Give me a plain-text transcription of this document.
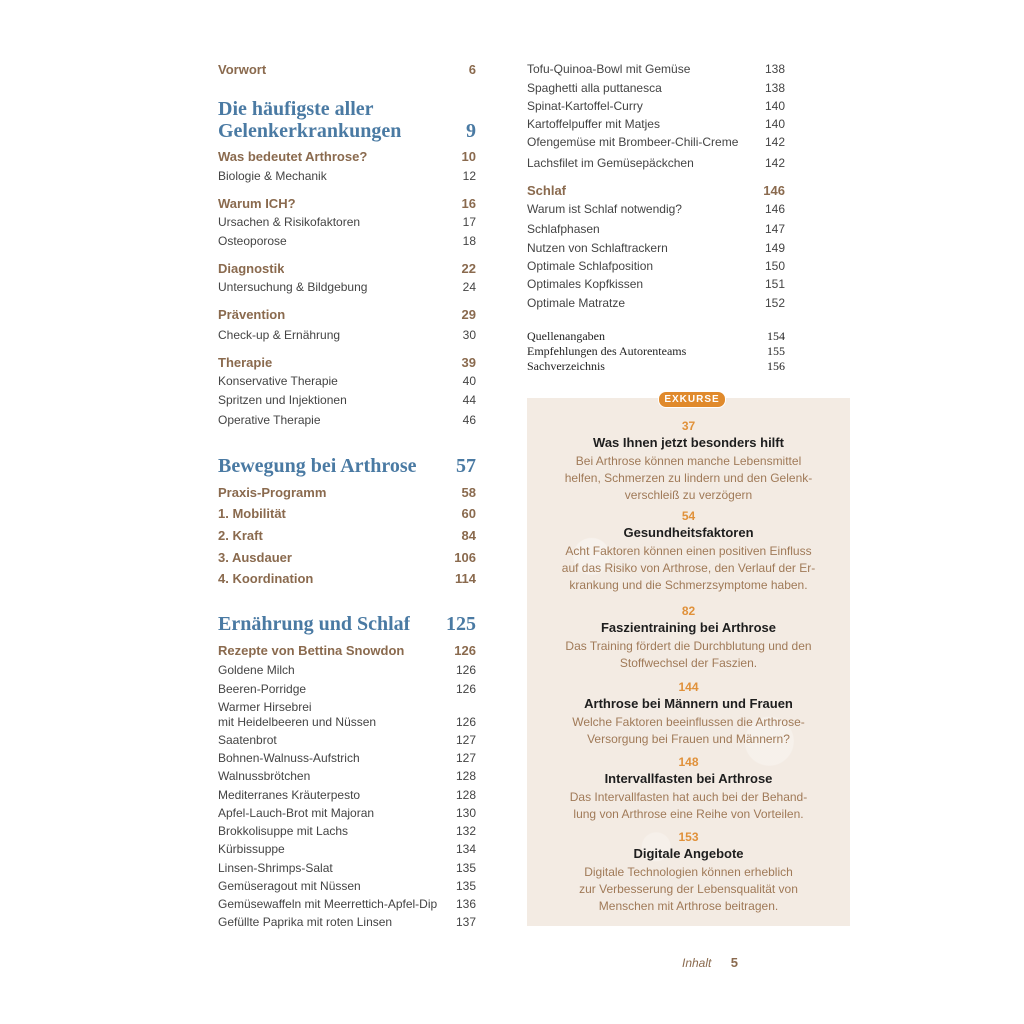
Vorwort	6
Die häufigste aller
Gelenkerkrankungen	9
Was bedeutet Arthrose?	10
Biologie & Mechanik	12
Warum ICH?	16
Ursachen & Risikofaktoren	17
Osteoporose	18
Diagnostik	22
Untersuchung & Bildgebung	24
Prävention	29
Check-up & Ernährung	30
Therapie	39
Konservative Therapie	40
Spritzen und Injektionen	44
Operative Therapie	46
Bewegung bei Arthrose 57
Praxis-Programm	58
1. Mobilität	60
2. Kraft	84
3. Ausdauer	106
4. Koordination	114
Ernährung und Schlaf 125
Rezepte von Bettina Snowdon	126
Goldene Milch	126
Beeren-Porridge	126
Warmer Hirsebrei
mit Heidelbeeren und Nüssen	126
Saatenbrot	127
Bohnen-Walnuss-Aufstrich	127
Walnussbrötchen	128
Mediterranes Kräuterpesto	128
Apfel-Lauch-Brot mit Majoran	130
Brokkolisuppe mit Lachs	132
Kürbissuppe	134
Linsen-Shrimps-Salat	135
Gemüseragout mit Nüssen	135
Gemüsewaffeln mit Meerrettich-Apfel-Dip 136
Gefüllte Paprika mit roten Linsen	137
Tofu-Quinoa-Bowl mit Gemüse	138
Spaghetti alla puttanesca	138
Spinat-Kartoffel-Curry	140
Kartoffelpuffer mit Matjes	140
Ofengemüse mit Brombeer-Chili-Creme 142
Lachsfilet im Gemüsepäckchen	142
Schlaf	146
Warum ist Schlaf notwendig?	146
Schlafphasen	147
Nutzen von Schlaftrackern	149
Optimale Schlafposition	150
Optimales Kopfkissen	151
Optimale Matratze	152
Quellenangaben	154
Empfehlungen des Autorenteams	155
Sachverzeichnis	156
EXKURSE
37
Was Ihnen jetzt besonders hilft
Bei Arthrose können manche Lebensmittel
helfen, Schmerzen zu lindern und den Gelenk-
verschleiß zu verzögern
54
Gesundheitsfaktoren
Acht Faktoren können einen positiven Einfluss
auf das Risiko von Arthrose, den Verlauf der Er-
krankung und die Schmerzsymptome haben.
82
Faszientraining bei Arthrose
Das Training fördert die Durchblutung und den
Stoffwechsel der Faszien.
144
Arthrose bei Männern und Frauen
Welche Faktoren beeinflussen die Arthrose-
Versorgung bei Frauen und Männern?
148
Intervallfasten bei Arthrose
Das Intervallfasten hat auch bei der Behand-
lung von Arthrose eine Reihe von Vorteilen.
153
Digitale Angebote
Digitale Technologien können erheblich
zur Verbesserung der Lebensqualität von
Menschen mit Arthrose beitragen.
Inhalt 5
